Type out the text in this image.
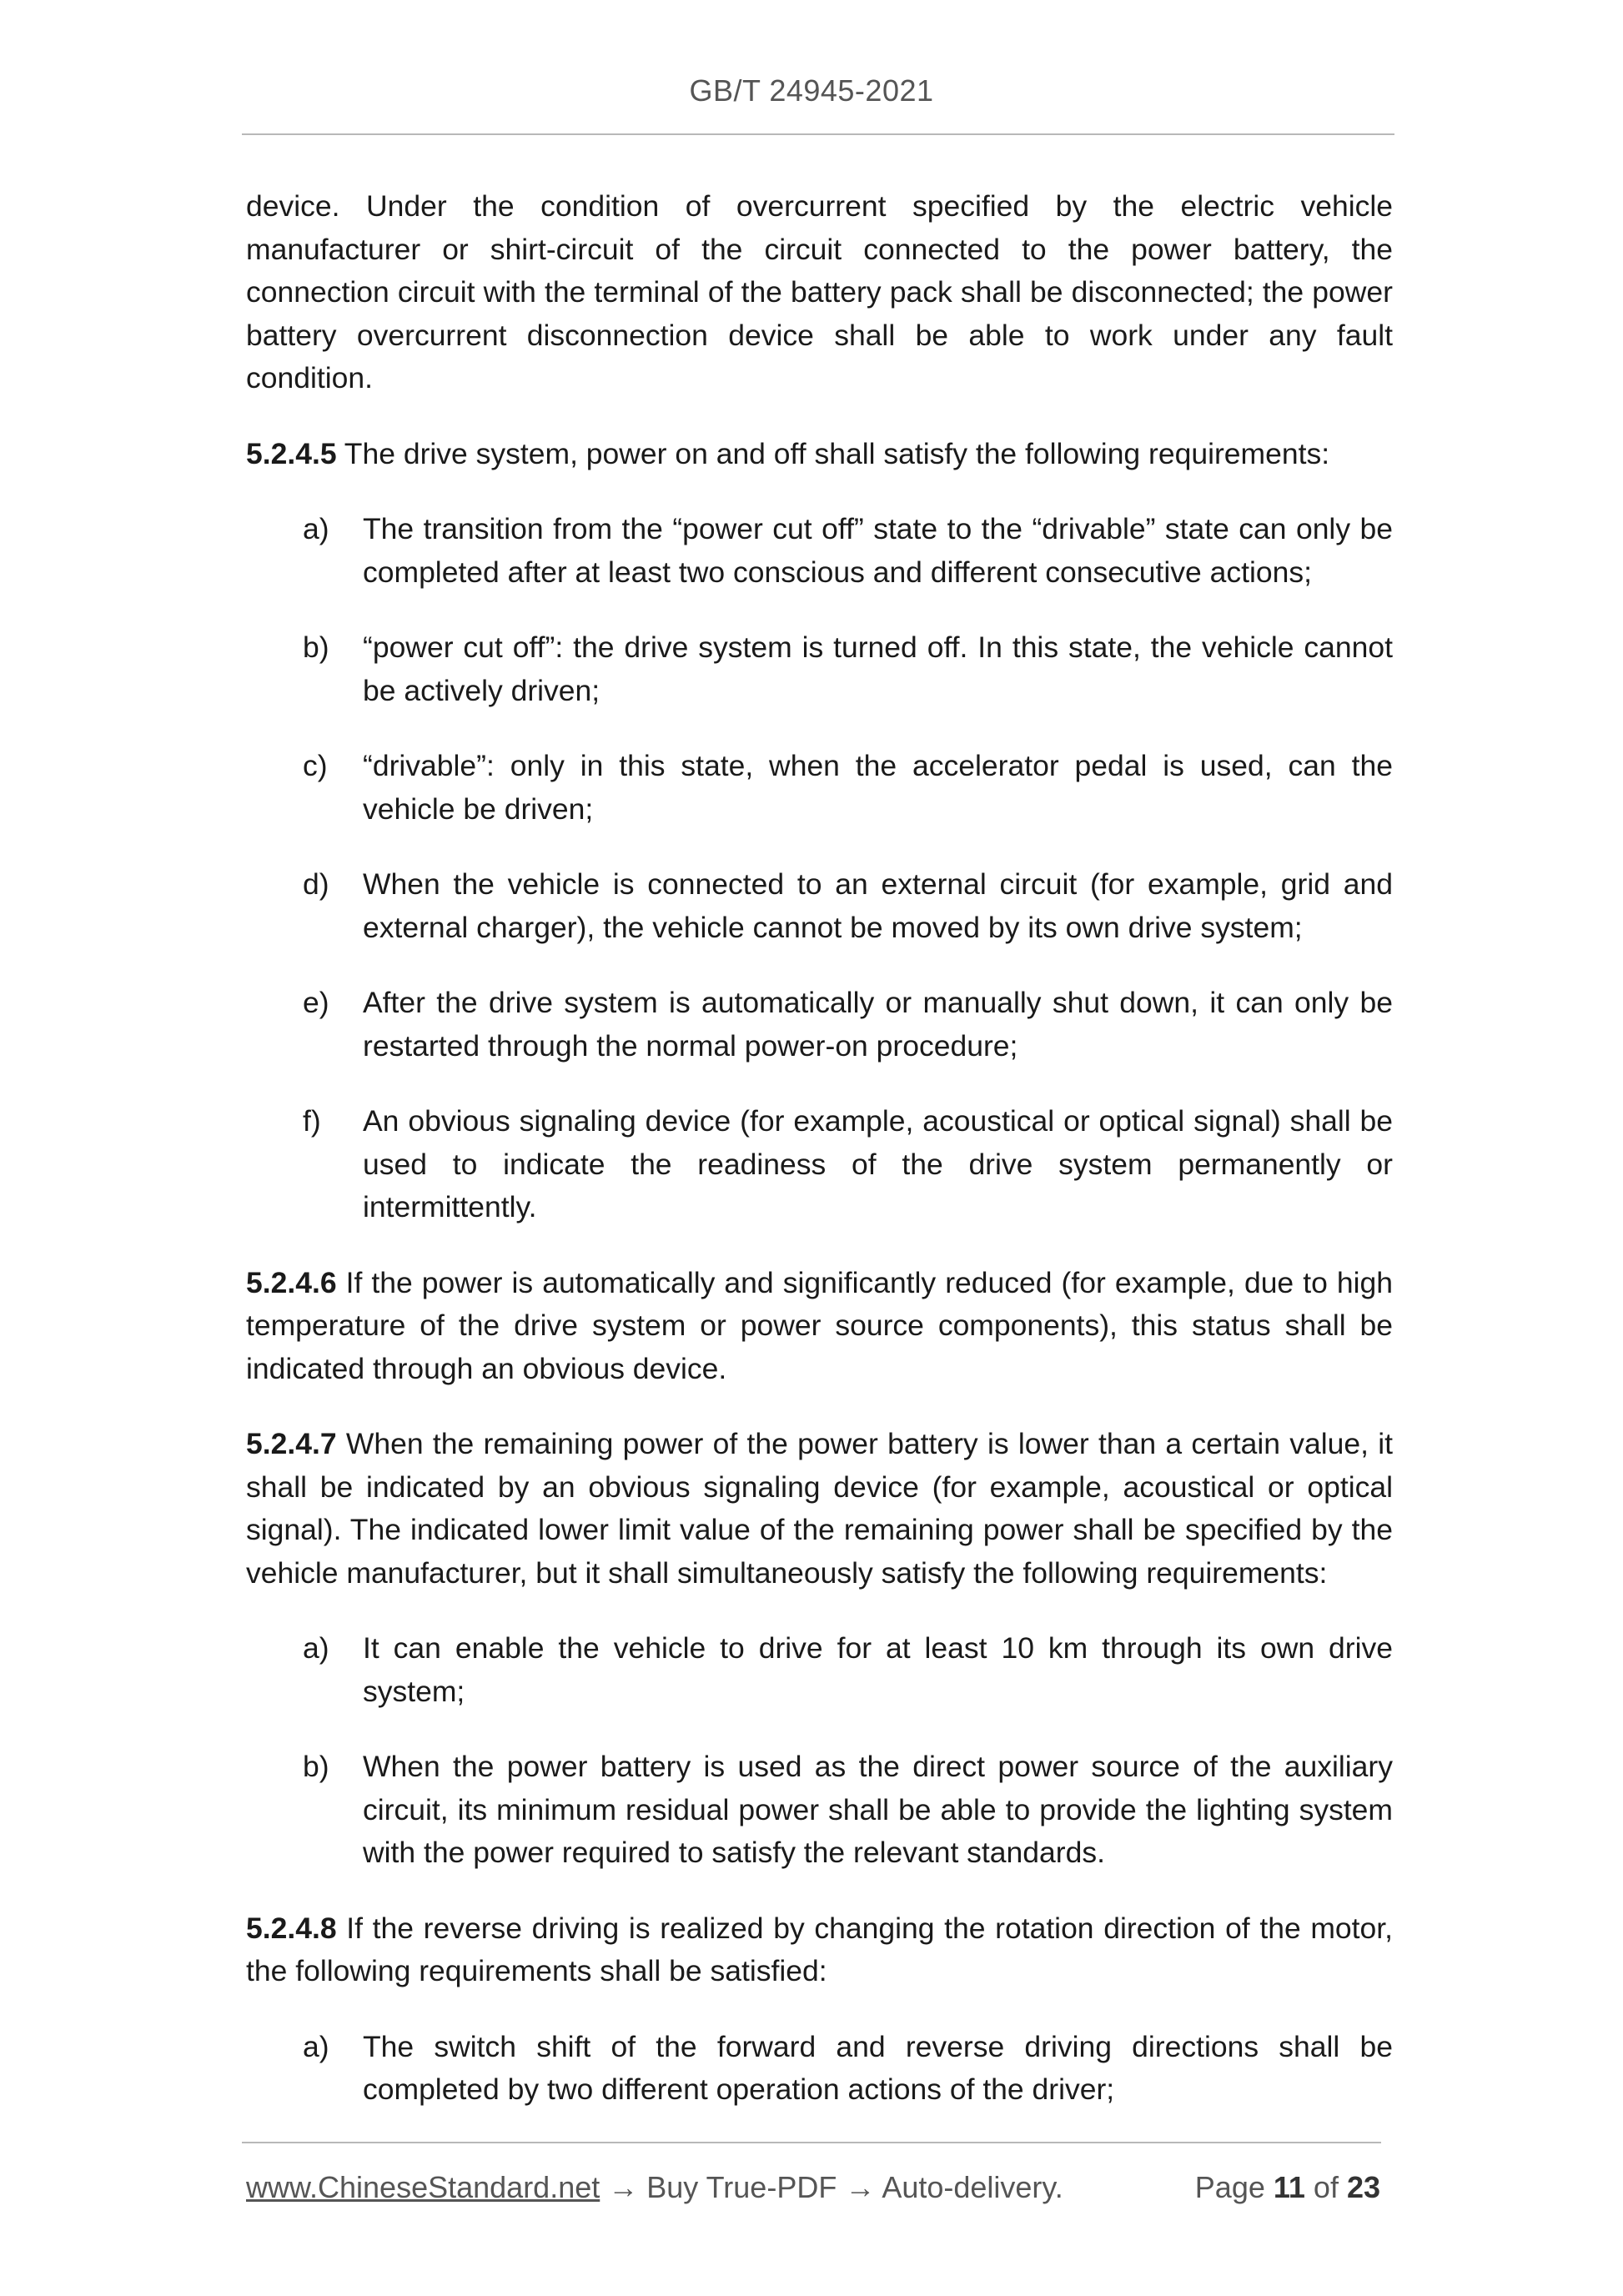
GB/T 24945-2021

device. Under the condition of overcurrent specified by the electric vehicle manufacturer or shirt-circuit of the circuit connected to the power battery, the connection circuit with the terminal of the battery pack shall be disconnected; the power battery overcurrent disconnection device shall be able to work under any fault condition.

5.2.4.5 The drive system, power on and off shall satisfy the following requirements:

a) The transition from the “power cut off” state to the “drivable” state can only be completed after at least two conscious and different consecutive actions;
b) “power cut off”: the drive system is turned off. In this state, the vehicle cannot be actively driven;
c) “drivable”: only in this state, when the accelerator pedal is used, can the vehicle be driven;
d) When the vehicle is connected to an external circuit (for example, grid and external charger), the vehicle cannot be moved by its own drive system;
e) After the drive system is automatically or manually shut down, it can only be restarted through the normal power-on procedure;
f) An obvious signaling device (for example, acoustical or optical signal) shall be used to indicate the readiness of the drive system permanently or intermittently.

5.2.4.6 If the power is automatically and significantly reduced (for example, due to high temperature of the drive system or power source components), this status shall be indicated through an obvious device.

5.2.4.7 When the remaining power of the power battery is lower than a certain value, it shall be indicated by an obvious signaling device (for example, acoustical or optical signal). The indicated lower limit value of the remaining power shall be specified by the vehicle manufacturer, but it shall simultaneously satisfy the following requirements:

a) It can enable the vehicle to drive for at least 10 km through its own drive system;
b) When the power battery is used as the direct power source of the auxiliary circuit, its minimum residual power shall be able to provide the lighting system with the power required to satisfy the relevant standards.

5.2.4.8 If the reverse driving is realized by changing the rotation direction of the motor, the following requirements shall be satisfied:

a) The switch shift of the forward and reverse driving directions shall be completed by two different operation actions of the driver;
www.ChineseStandard.net → Buy True-PDF → Auto-delivery.	Page 11 of 23
